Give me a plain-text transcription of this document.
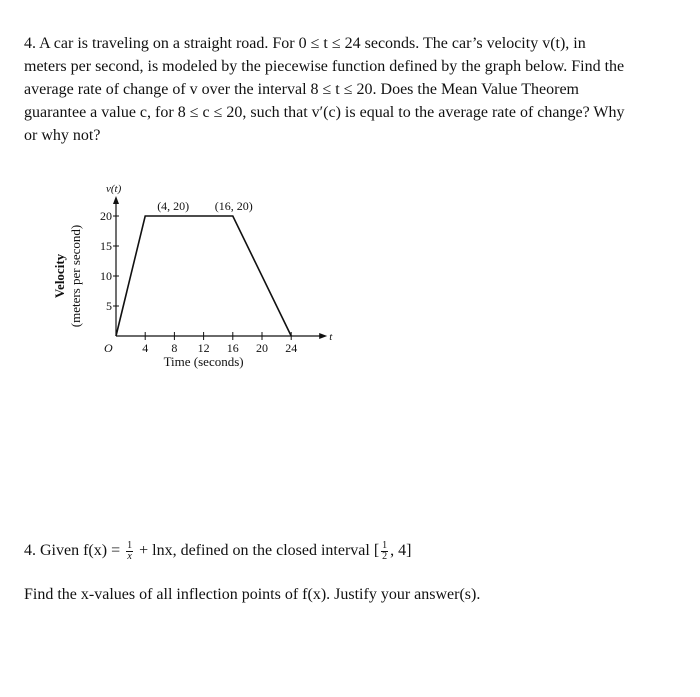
4. A car is traveling on a straight road. For 0 ≤ t ≤ 24 seconds. The car’s velocity v(t), in
meters per second, is modeled by the piecewise function defined by the graph below. Find the
average rate of change of v over the interval 8 ≤ t ≤ 20. Does the Mean Value Theorem
guarantee a value c, for 8 ≤ c ≤ 20, such that v′(c) is equal to the average rate of change? Why
or why not?
v(t)
t
O 4 8 12 16 20 24
5
10
15
20
(4, 20) (16, 20)
Time (seconds)
Velocity (meters per second)
4. Given $f(x) = \frac{1}{x} + \ln x$, defined on the closed interval [ $\frac{1}{2}$ , 4]
Find the x-values of all inflection points of f(x). Justify your answer(s).
